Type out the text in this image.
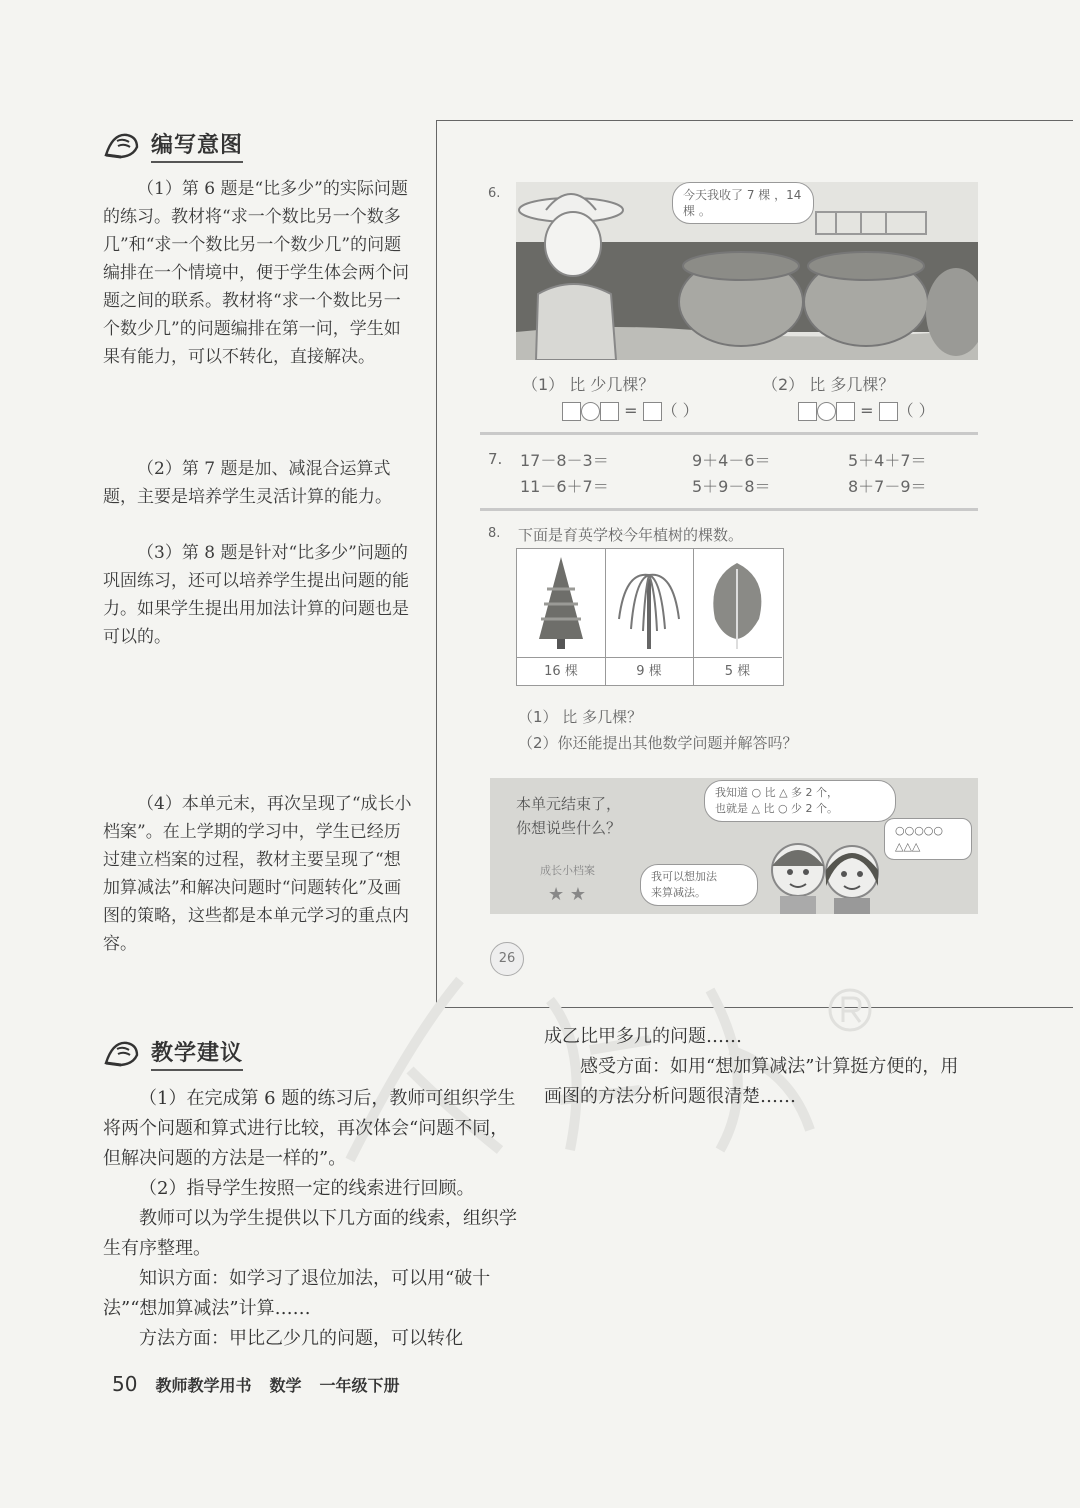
编写意图

（1）第 6 题是“比多少”的实际问题的练习。教材将“求一个数比另一个数多几”和“求一个数比另一个数少几”的问题编排在一个情境中，便于学生体会两个问题之间的联系。教材将“求一个数比另一个数少几”的问题编排在第一问，学生如果有能力，可以不转化，直接解决。

（2）第 7 题是加、减混合运算式题，主要是培养学生灵活计算的能力。

（3）第 8 题是针对“比多少”问题的巩固练习，还可以培养学生提出问题的能力。如果学生提出用加法计算的问题也是可以的。

（4）本单元末，再次呈现了“成长小档案”。在上学期的学习中，学生已经历过建立档案的过程，教材主要呈现了“想加算减法”和解决问题时“问题转化”及画图的策略，这些都是本单元学习的重点内容。

6.	今天我收了 7 棵 ，14 棵 。
（1） 比 少几棵？
= （ ）
（2） 比 多几棵？
= （ ）
7. 17－8－3＝	9＋4－6＝	5＋4＋7＝
11－6＋7＝	5＋9－8＝	8＋7－9＝
8. 下面是育英学校今年植树的棵数。
16 棵	9 棵	5 棵
（1） 比 多几棵？
（2）你还能提出其他数学问题并解答吗？
本单元结束了，
你想说些什么？
成长小档案
★ ★
我知道 ○ 比 △ 多 2 个，
也就是 △ 比 ○ 少 2 个。
○○○○○
△△△
我可以想加法
来算减法。
26
教学建议

（1）在完成第 6 题的练习后，教师可组织学生将两个问题和算式进行比较，再次体会“问题不同，但解决问题的方法是一样的”。

（2）指导学生按照一定的线索进行回顾。

教师可以为学生提供以下几方面的线索，组织学生有序整理。

知识方面：如学习了退位加法，可以用“破十法”“想加算减法”计算……

方法方面：甲比乙少几的问题，可以转化

成乙比甲多几的问题……

感受方面：如用“想加算减法”计算挺方便的，用画图的方法分析问题很清楚……

50 教师教学用书 数学 一年级下册
